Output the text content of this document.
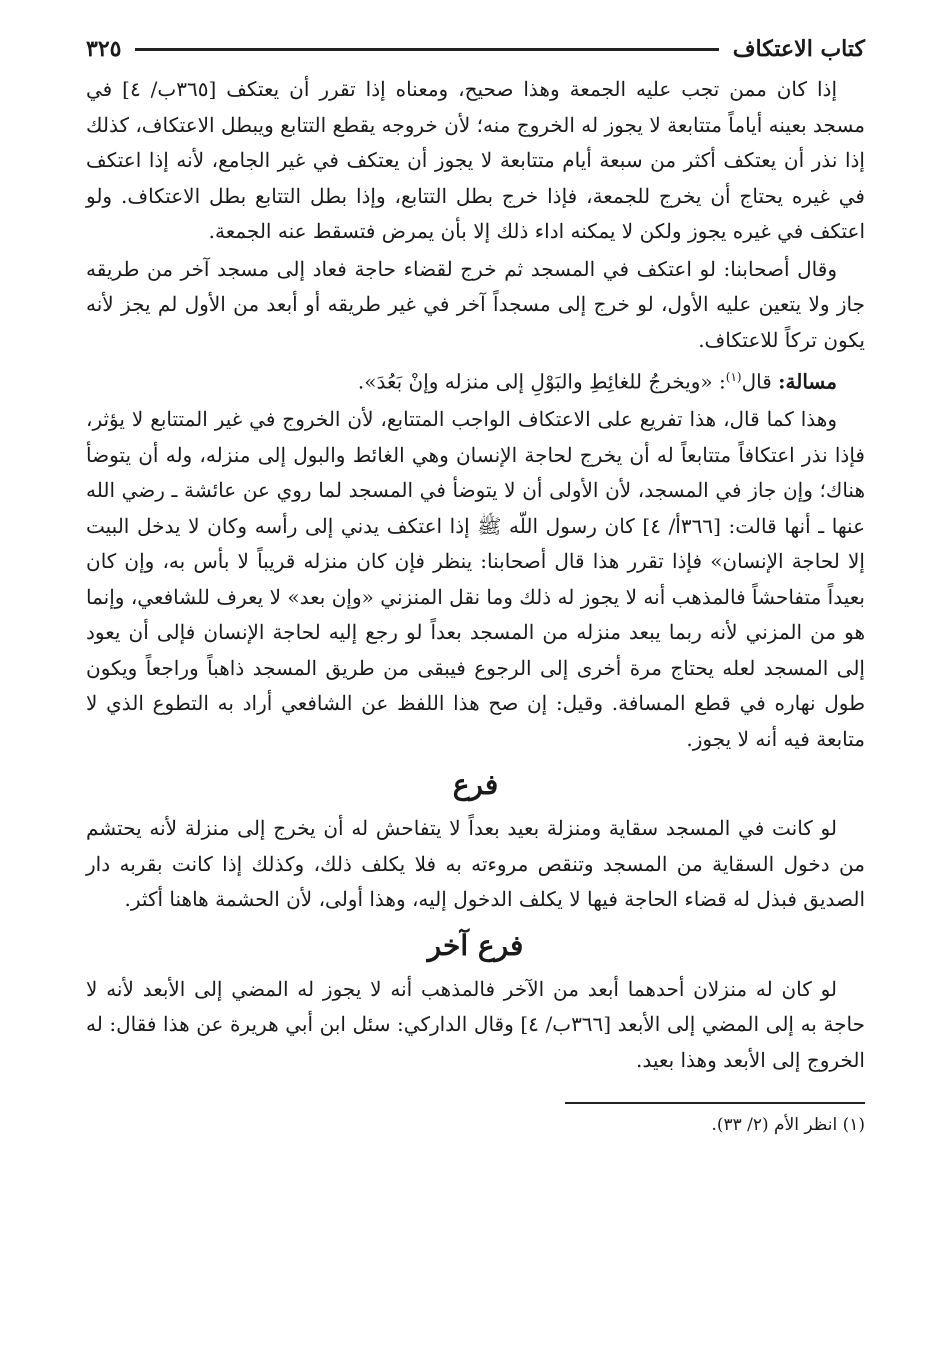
كتاب الاعتكاف
٣٢٥

إذا كان ممن تجب عليه الجمعة وهذا صحيح، ومعناه إذا تقرر أن يعتكف [٣٦٥ب/ ٤] في مسجد بعينه أياماً متتابعة لا يجوز له الخروج منه؛ لأن خروجه يقطع التتابع ويبطل الاعتكاف، كذلك إذا نذر أن يعتكف أكثر من سبعة أيام متتابعة لا يجوز أن يعتكف في غير الجامع، لأنه إذا اعتكف في غيره يحتاج أن يخرج للجمعة، فإذا خرج بطل التتابع، وإذا بطل التتابع بطل الاعتكاف. ولو اعتكف في غيره يجوز ولكن لا يمكنه اداء ذلك إلا بأن يمرض فتسقط عنه الجمعة.

وقال أصحابنا: لو اعتكف في المسجد ثم خرج لقضاء حاجة فعاد إلى مسجد آخر من طريقه جاز ولا يتعين عليه الأول، لو خرج إلى مسجداً آخر في غير طريقه أو أبعد من الأول لم يجز لأنه يكون تركاً للاعتكاف.

مسالة: قال$^{(١)}$: «ويخرجُ للغائِطِ والبَوْلِ إلى منزله وإنْ بَعُدَ».

وهذا كما قال، هذا تفريع على الاعتكاف الواجب المتتابع، لأن الخروج في غير المتتابع لا يؤثر، فإذا نذر اعتكافاً متتابعاً له أن يخرج لحاجة الإنسان وهي الغائط والبول إلى منزله، وله أن يتوضأ هناك؛ وإن جاز في المسجد، لأن الأولى أن لا يتوضأ في المسجد لما روي عن عائشة ـ رضي الله عنها ـ أنها قالت: [٣٦٦أ/ ٤] كان رسول اللّه ﷺ إذا اعتكف يدني إلى رأسه وكان لا يدخل البيت إلا لحاجة الإنسان» فإذا تقرر هذا قال أصحابنا: ينظر فإن كان منزله قريباً لا بأس به، وإن كان بعيداً متفاحشاً فالمذهب أنه لا يجوز له ذلك وما نقل المنزني «وإن بعد» لا يعرف للشافعي، وإنما هو من المزني لأنه ربما يبعد منزله من المسجد بعداً لو رجع إليه لحاجة الإنسان فإلى أن يعود إلى المسجد لعله يحتاج مرة أخرى إلى الرجوع فيبقى من طريق المسجد ذاهباً وراجعاً ويكون طول نهاره في قطع المسافة. وقيل: إن صح هذا اللفظ عن الشافعي أراد به التطوع الذي لا متابعة فيه أنه لا يجوز.

فرع

لو كانت في المسجد سقاية ومنزلة بعيد بعداً لا يتفاحش له أن يخرج إلى منزلة لأنه يحتشم من دخول السقاية من المسجد وتنقص مروءته به فلا يكلف ذلك، وكذلك إذا كانت بقربه دار الصديق فبذل له قضاء الحاجة فيها لا يكلف الدخول إليه، وهذا أولى، لأن الحشمة هاهنا أكثر.

فرع آخر

لو كان له منزلان أحدهما أبعد من الآخر فالمذهب أنه لا يجوز له المضي إلى الأبعد لأنه لا حاجة به إلى المضي إلى الأبعد [٣٦٦ب/ ٤] وقال الداركي: سئل ابن أبي هريرة عن هذا فقال: له الخروج إلى الأبعد وهذا بعيد.

(١) انظر الأم (٢/ ٣٣).
